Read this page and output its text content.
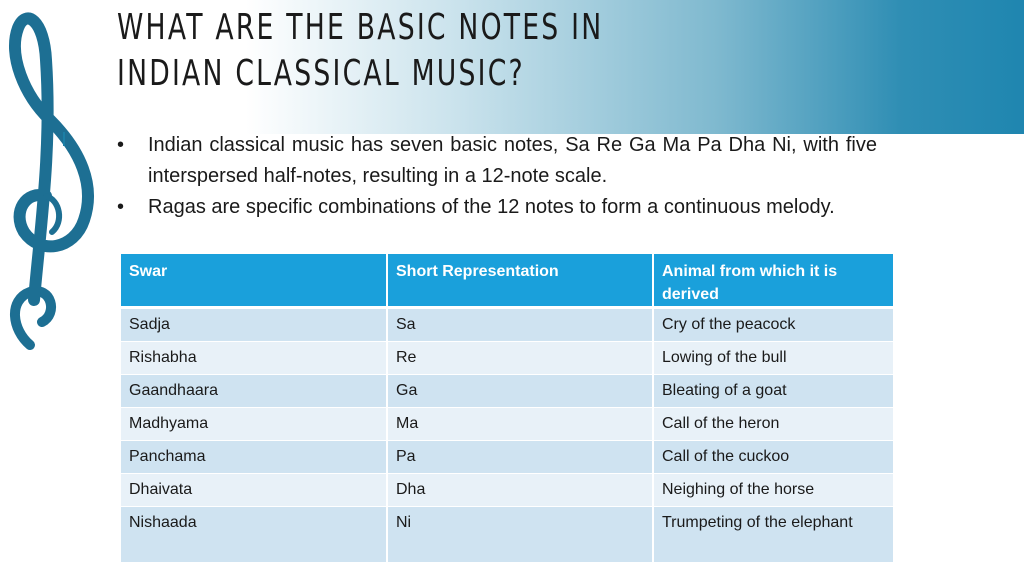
WHAT ARE THE BASIC NOTES IN INDIAN CLASSICAL MUSIC?
•	Indian classical music has seven basic notes, Sa Re Ga Ma Pa Dha Ni, with five interspersed half-notes, resulting in a 12-note scale.
•	Ragas are specific combinations of the 12 notes to form a continuous melody.
Swar	Short Representation	Animal from which it is derived
Sadja	Sa	Cry of the peacock
Rishabha	Re	Lowing of the bull
Gaandhaara	Ga	Bleating of a goat
Madhyama	Ma	Call of the heron
Panchama	Pa	Call of the cuckoo
Dhaivata	Dha	Neighing of the horse
Nishaada	Ni	Trumpeting of the elephant
